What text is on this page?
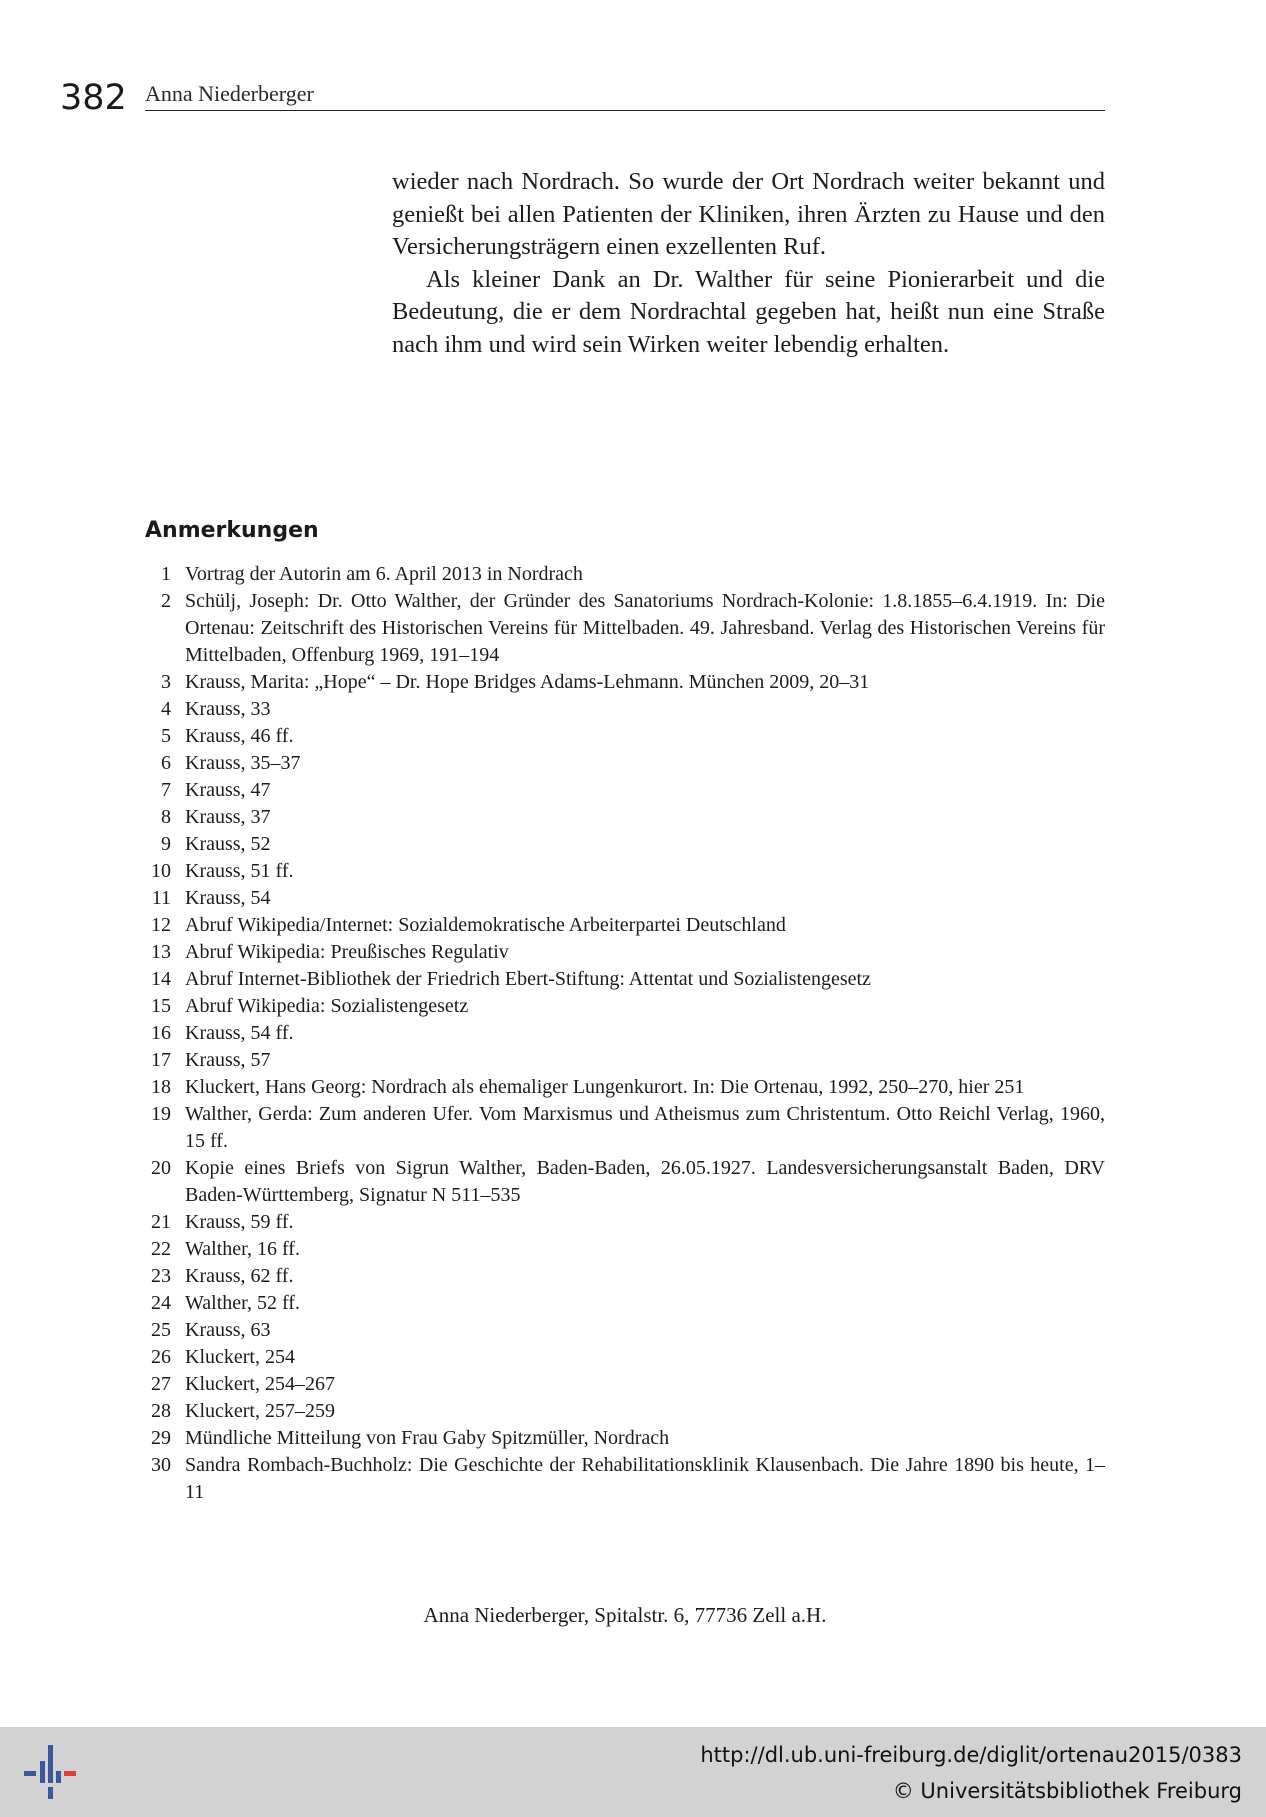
382 Anna Niederberger

wieder nach Nordrach. So wurde der Ort Nordrach weiter bekannt und genießt bei allen Patienten der Kliniken, ihren Ärzten zu Hause und den Versicherungsträgern einen exzellenten Ruf.

Als kleiner Dank an Dr. Walther für seine Pionierarbeit und die Bedeutung, die er dem Nordrachtal gegeben hat, heißt nun eine Straße nach ihm und wird sein Wirken weiter lebendig erhalten.

Anmerkungen
1 Vortrag der Autorin am 6. April 2013 in Nordrach
2 Schülj, Joseph: Dr. Otto Walther, der Gründer des Sanatoriums Nordrach-Kolonie: 1.8.1855–6.4.1919. In: Die Ortenau: Zeitschrift des Historischen Vereins für Mittelbaden. 49. Jahresband. Verlag des Historischen Vereins für Mittelbaden, Offenburg 1969, 191–194
3 Krauss, Marita: „Hope“ – Dr. Hope Bridges Adams-Lehmann. München 2009, 20–31
4 Krauss, 33
5 Krauss, 46 ff.
6 Krauss, 35–37
7 Krauss, 47
8 Krauss, 37
9 Krauss, 52
10 Krauss, 51 ff.
11 Krauss, 54
12 Abruf Wikipedia/Internet: Sozialdemokratische Arbeiterpartei Deutschland
13 Abruf Wikipedia: Preußisches Regulativ
14 Abruf Internet-Bibliothek der Friedrich Ebert-Stiftung: Attentat und Sozialistengesetz
15 Abruf Wikipedia: Sozialistengesetz
16 Krauss, 54 ff.
17 Krauss, 57
18 Kluckert, Hans Georg: Nordrach als ehemaliger Lungenkurort. In: Die Ortenau, 1992, 250–270, hier 251
19 Walther, Gerda: Zum anderen Ufer. Vom Marxismus und Atheismus zum Christentum. Otto Reichl Verlag, 1960, 15 ff.
20 Kopie eines Briefs von Sigrun Walther, Baden-Baden, 26.05.1927. Landesversicherungsanstalt Baden, DRV Baden-Württemberg, Signatur N 511–535
21 Krauss, 59 ff.
22 Walther, 16 ff.
23 Krauss, 62 ff.
24 Walther, 52 ff.
25 Krauss, 63
26 Kluckert, 254
27 Kluckert, 254–267
28 Kluckert, 257–259
29 Mündliche Mitteilung von Frau Gaby Spitzmüller, Nordrach
30 Sandra Rombach-Buchholz: Die Geschichte der Rehabilitationsklinik Klausenbach. Die Jahre 1890 bis heute, 1–11
Anna Niederberger, Spitalstr. 6, 77736 Zell a.H.
http://dl.ub.uni-freiburg.de/diglit/ortenau2015/0383
© Universitätsbibliothek Freiburg
